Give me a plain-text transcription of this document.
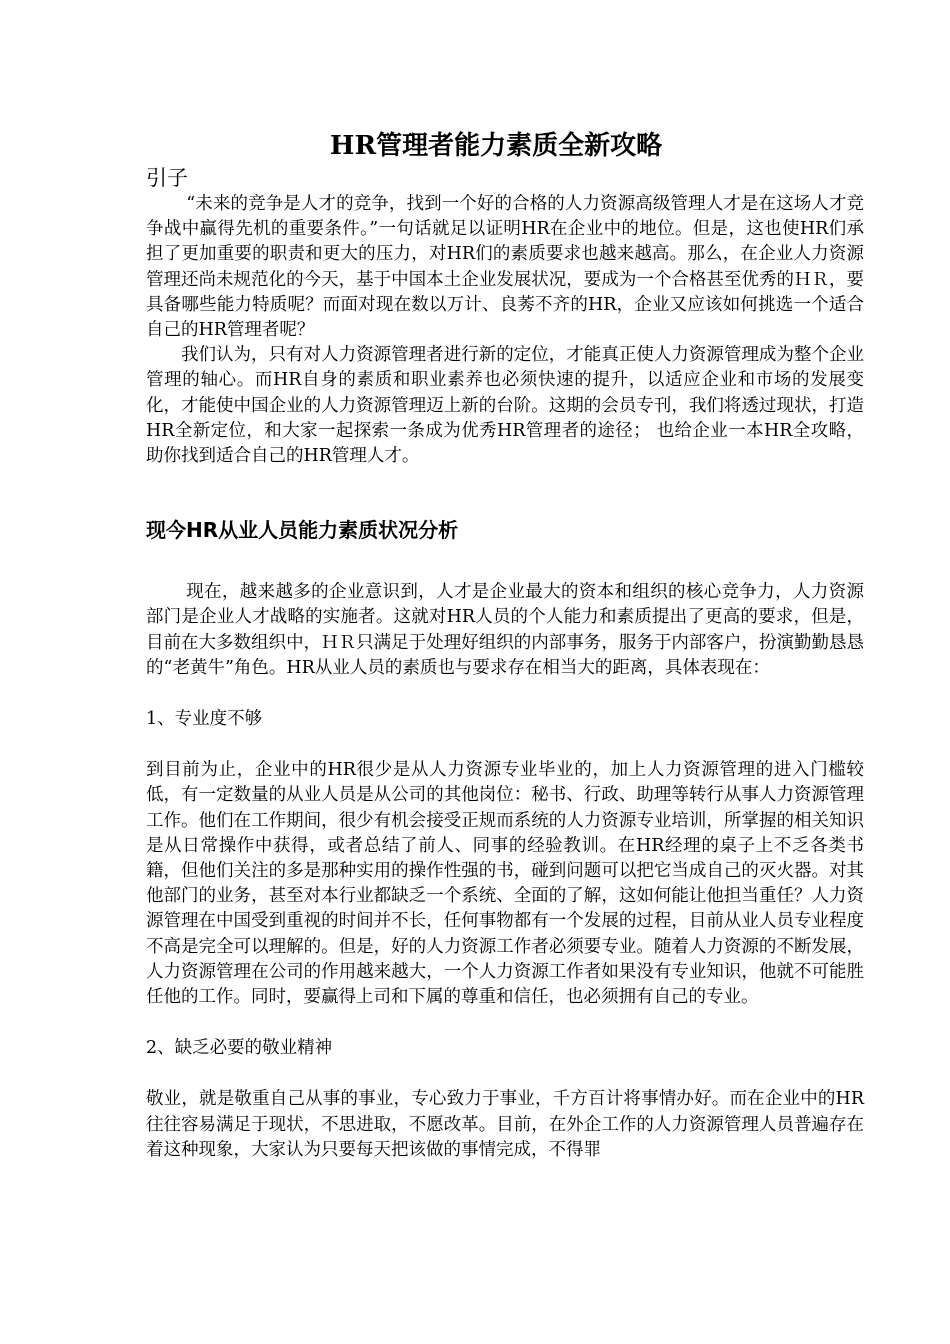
HR管理者能力素质全新攻略
引子

“未来的竞争是人才的竞争，找到一个好的合格的人力资源高级管理人才是在这场人才竞争战中赢得先机的重要条件。”一句话就足以证明HR在企业中的地位。但是，这也使HR们承担了更加重要的职责和更大的压力，对HR们的素质要求也越来越高。那么，在企业人力资源管理还尚未规范化的今天，基于中国本土企业发展状况，要成为一个合格甚至优秀的ＨＲ，要具备哪些能力特质呢？而面对现在数以万计、良莠不齐的HR，企业又应该如何挑选一个适合自己的HR管理者呢？

我们认为，只有对人力资源管理者进行新的定位，才能真正使人力资源管理成为整个企业管理的轴心。而HR自身的素质和职业素养也必须快速的提升，以适应企业和市场的发展变化，才能使中国企业的人力资源管理迈上新的台阶。这期的会员专刊，我们将透过现状，打造HR全新定位，和大家一起探索一条成为优秀HR管理者的途径； 也给企业一本HR全攻略，助你找到适合自己的HR管理人才。

现今HR从业人员能力素质状况分析

现在，越来越多的企业意识到，人才是企业最大的资本和组织的核心竞争力，人力资源部门是企业人才战略的实施者。这就对HR人员的个人能力和素质提出了更高的要求，但是，目前在大多数组织中，ＨＲ只满足于处理好组织的内部事务，服务于内部客户，扮演勤勤恳恳的“老黄牛”角色。HR从业人员的素质也与要求存在相当大的距离，具体表现在：

1、专业度不够

到目前为止，企业中的HR很少是从人力资源专业毕业的，加上人力资源管理的进入门槛较低，有一定数量的从业人员是从公司的其他岗位：秘书、行政、助理等转行从事人力资源管理工作。他们在工作期间，很少有机会接受正规而系统的人力资源专业培训，所掌握的相关知识是从日常操作中获得，或者总结了前人、同事的经验教训。在HR经理的桌子上不乏各类书籍，但他们关注的多是那种实用的操作性强的书，碰到问题可以把它当成自己的灭火器。对其他部门的业务，甚至对本行业都缺乏一个系统、全面的了解，这如何能让他担当重任？人力资源管理在中国受到重视的时间并不长，任何事物都有一个发展的过程，目前从业人员专业程度不高是完全可以理解的。但是，好的人力资源工作者必须要专业。随着人力资源的不断发展，人力资源管理在公司的作用越来越大，一个人力资源工作者如果没有专业知识，他就不可能胜任他的工作。同时，要赢得上司和下属的尊重和信任，也必须拥有自己的专业。

2、缺乏必要的敬业精神

敬业，就是敬重自己从事的事业，专心致力于事业，千方百计将事情办好。而在企业中的HR往往容易满足于现状，不思进取，不愿改革。目前，在外企工作的人力资源管理人员普遍存在着这种现象，大家认为只要每天把该做的事情完成，不得罪
